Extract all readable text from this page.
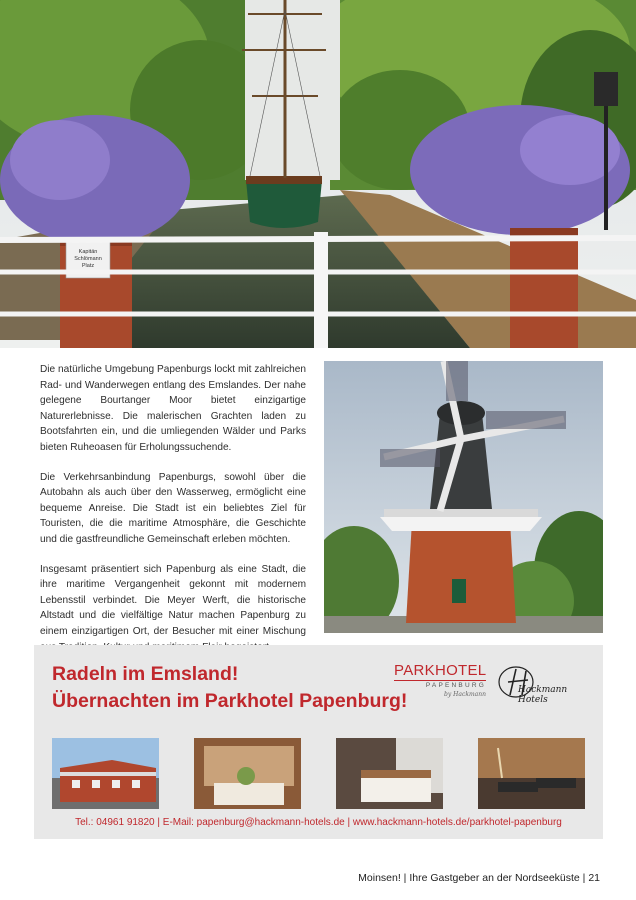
Kapitän Schlömann Platz

Die natürliche Umgebung Papenburgs lockt mit zahlreichen Rad- und Wanderwegen entlang des Emslandes. Der nahe gelegene Bourtanger Moor bietet einzigartige Naturerlebnisse. Die malerischen Grachten laden zu Bootsfahrten ein, und die umliegenden Wälder und Parks bieten Ruheoasen für Erholungssuchende.

Die Verkehrsanbindung Papenburgs, sowohl über die Autobahn als auch über den Wasserweg, ermöglicht eine bequeme Anreise. Die Stadt ist ein beliebtes Ziel für Touristen, die die maritime Atmosphäre, die Geschichte und die gastfreundliche Gemeinschaft erleben möchten.

Insgesamt präsentiert sich Papenburg als eine Stadt, die ihre maritime Vergangenheit gekonnt mit modernem Lebensstil verbindet. Die Meyer Werft, die historische Altstadt und die vielfältige Natur machen Papenburg zu einem einzigartigen Ort, der Besucher mit einer Mischung

Radeln im Emsland!
Übernachten im Parkhotel Papenburg!
PARKHOTEL
PAPENBURG
by Hackmann	Hackmann Hotels
Tel.: 04961 91820 | E-Mail: papenburg@hackmann-hotels.de | www.hackmann-hotels.de/parkhotel-papenburg
Moinsen! | Ihre Gastgeber an der Nordseeküste | 21
